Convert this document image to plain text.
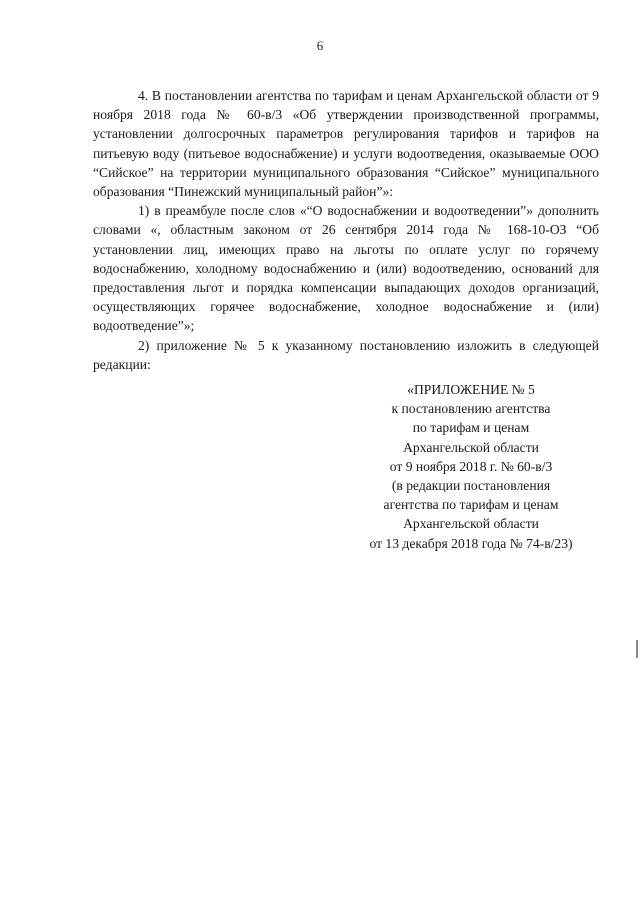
6

4. В постановлении агентства по тарифам и ценам Архангельской области от 9 ноября 2018 года № 60-в/3 «Об утверждении производственной программы, установлении долгосрочных параметров регулирования тарифов и тарифов на питьевую воду (питьевое водоснабжение) и услуги водоотведения, оказываемые ООО “Сийское” на территории муниципального образования “Сийское” муниципального образования “Пинежский муниципальный район”»:

1) в преамбуле после слов «“О водоснабжении и водоотведении”» дополнить словами «, областным законом от 26 сентября 2014 года № 168-10-ОЗ “Об установлении лиц, имеющих право на льготы по оплате услуг по горячему водоснабжению, холодному водоснабжению и (или) водоотведению, оснований для предоставления льгот и порядка компенсации выпадающих доходов организаций, осуществляющих горячее водоснабжение, холодное водоснабжение и (или) водоотведение”»;

2) приложение № 5 к указанному постановлению изложить в следующей редакции:

«ПРИЛОЖЕНИЕ № 5
к постановлению агентства
по тарифам и ценам
Архангельской области
от 9 ноября 2018 г. № 60-в/3
(в редакции постановления
агентства по тарифам и ценам
Архангельской области
от 13 декабря 2018 года № 74-в/23)
